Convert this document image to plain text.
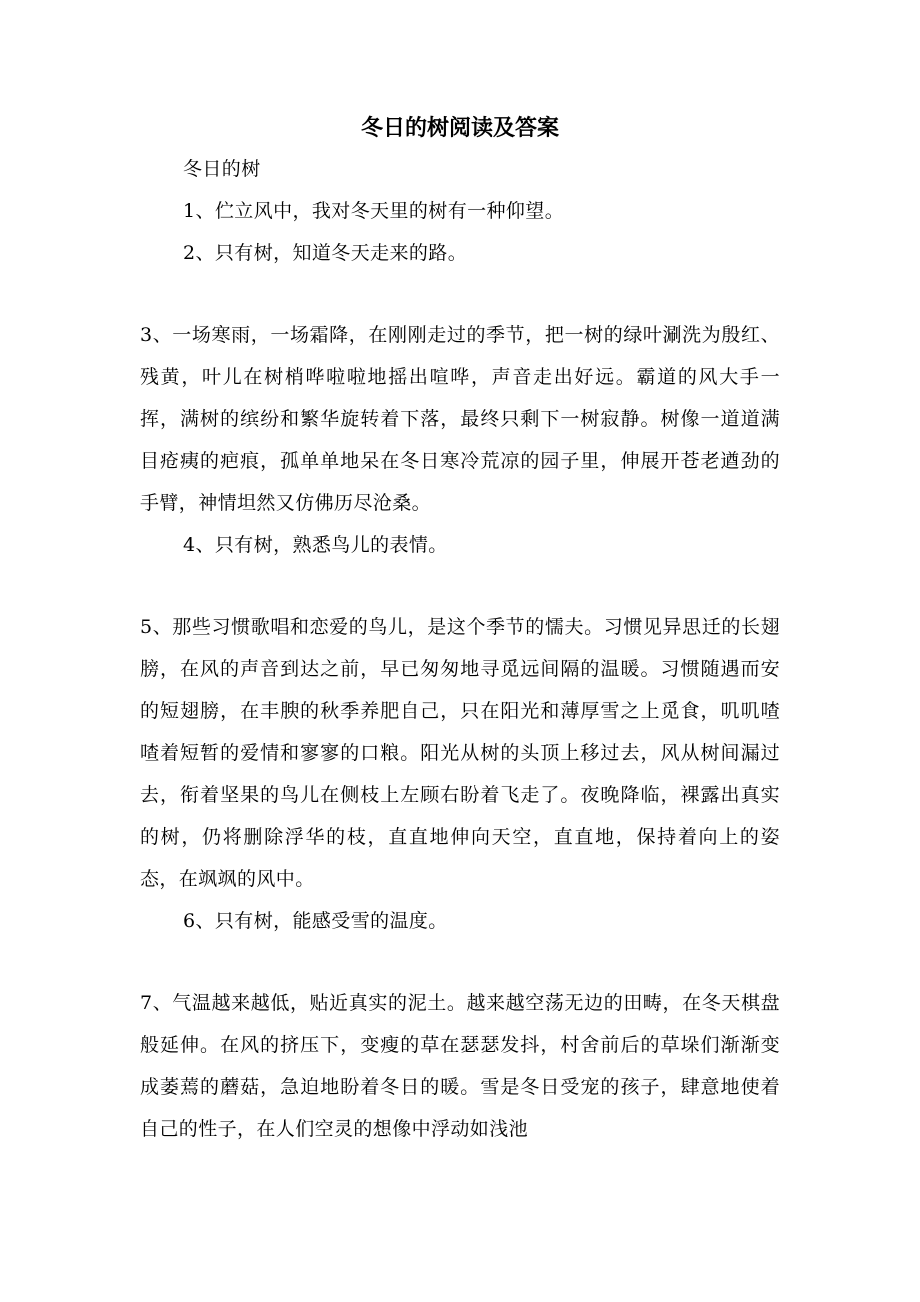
冬日的树阅读及答案

冬日的树

1、伫立风中，我对冬天里的树有一种仰望。

2、只有树，知道冬天走来的路。

3、一场寒雨，一场霜降，在刚刚走过的季节，把一树的绿叶涮洗为殷红、残黄，叶儿在树梢哗啦啦地摇出喧哗，声音走出好远。霸道的风大手一挥，满树的缤纷和繁华旋转着下落，最终只剩下一树寂静。树像一道道满目疮痍的疤痕，孤单单地呆在冬日寒冷荒凉的园子里，伸展开苍老遒劲的手臂，神情坦然又仿佛历尽沧桑。

4、只有树，熟悉鸟儿的表情。

5、那些习惯歌唱和恋爱的鸟儿，是这个季节的懦夫。习惯见异思迁的长翅膀，在风的声音到达之前，早已匆匆地寻觅远间隔的温暖。习惯随遇而安的短翅膀，在丰腴的秋季养肥自己，只在阳光和薄厚雪之上觅食，叽叽喳喳着短暂的爱情和寥寥的口粮。阳光从树的头顶上移过去，风从树间漏过去，衔着坚果的鸟儿在侧枝上左顾右盼着飞走了。夜晚降临，裸露出真实的树，仍将删除浮华的枝，直直地伸向天空，直直地，保持着向上的姿态，在飒飒的风中。

6、只有树，能感受雪的温度。

7、气温越来越低，贴近真实的泥土。越来越空荡无边的田畴，在冬天棋盘般延伸。在风的挤压下，变瘦的草在瑟瑟发抖，村舍前后的草垛们渐渐变成萎蔫的蘑菇，急迫地盼着冬日的暖。雪是冬日受宠的孩子，肆意地使着自己的性子，在人们空灵的想像中浮动如浅池
